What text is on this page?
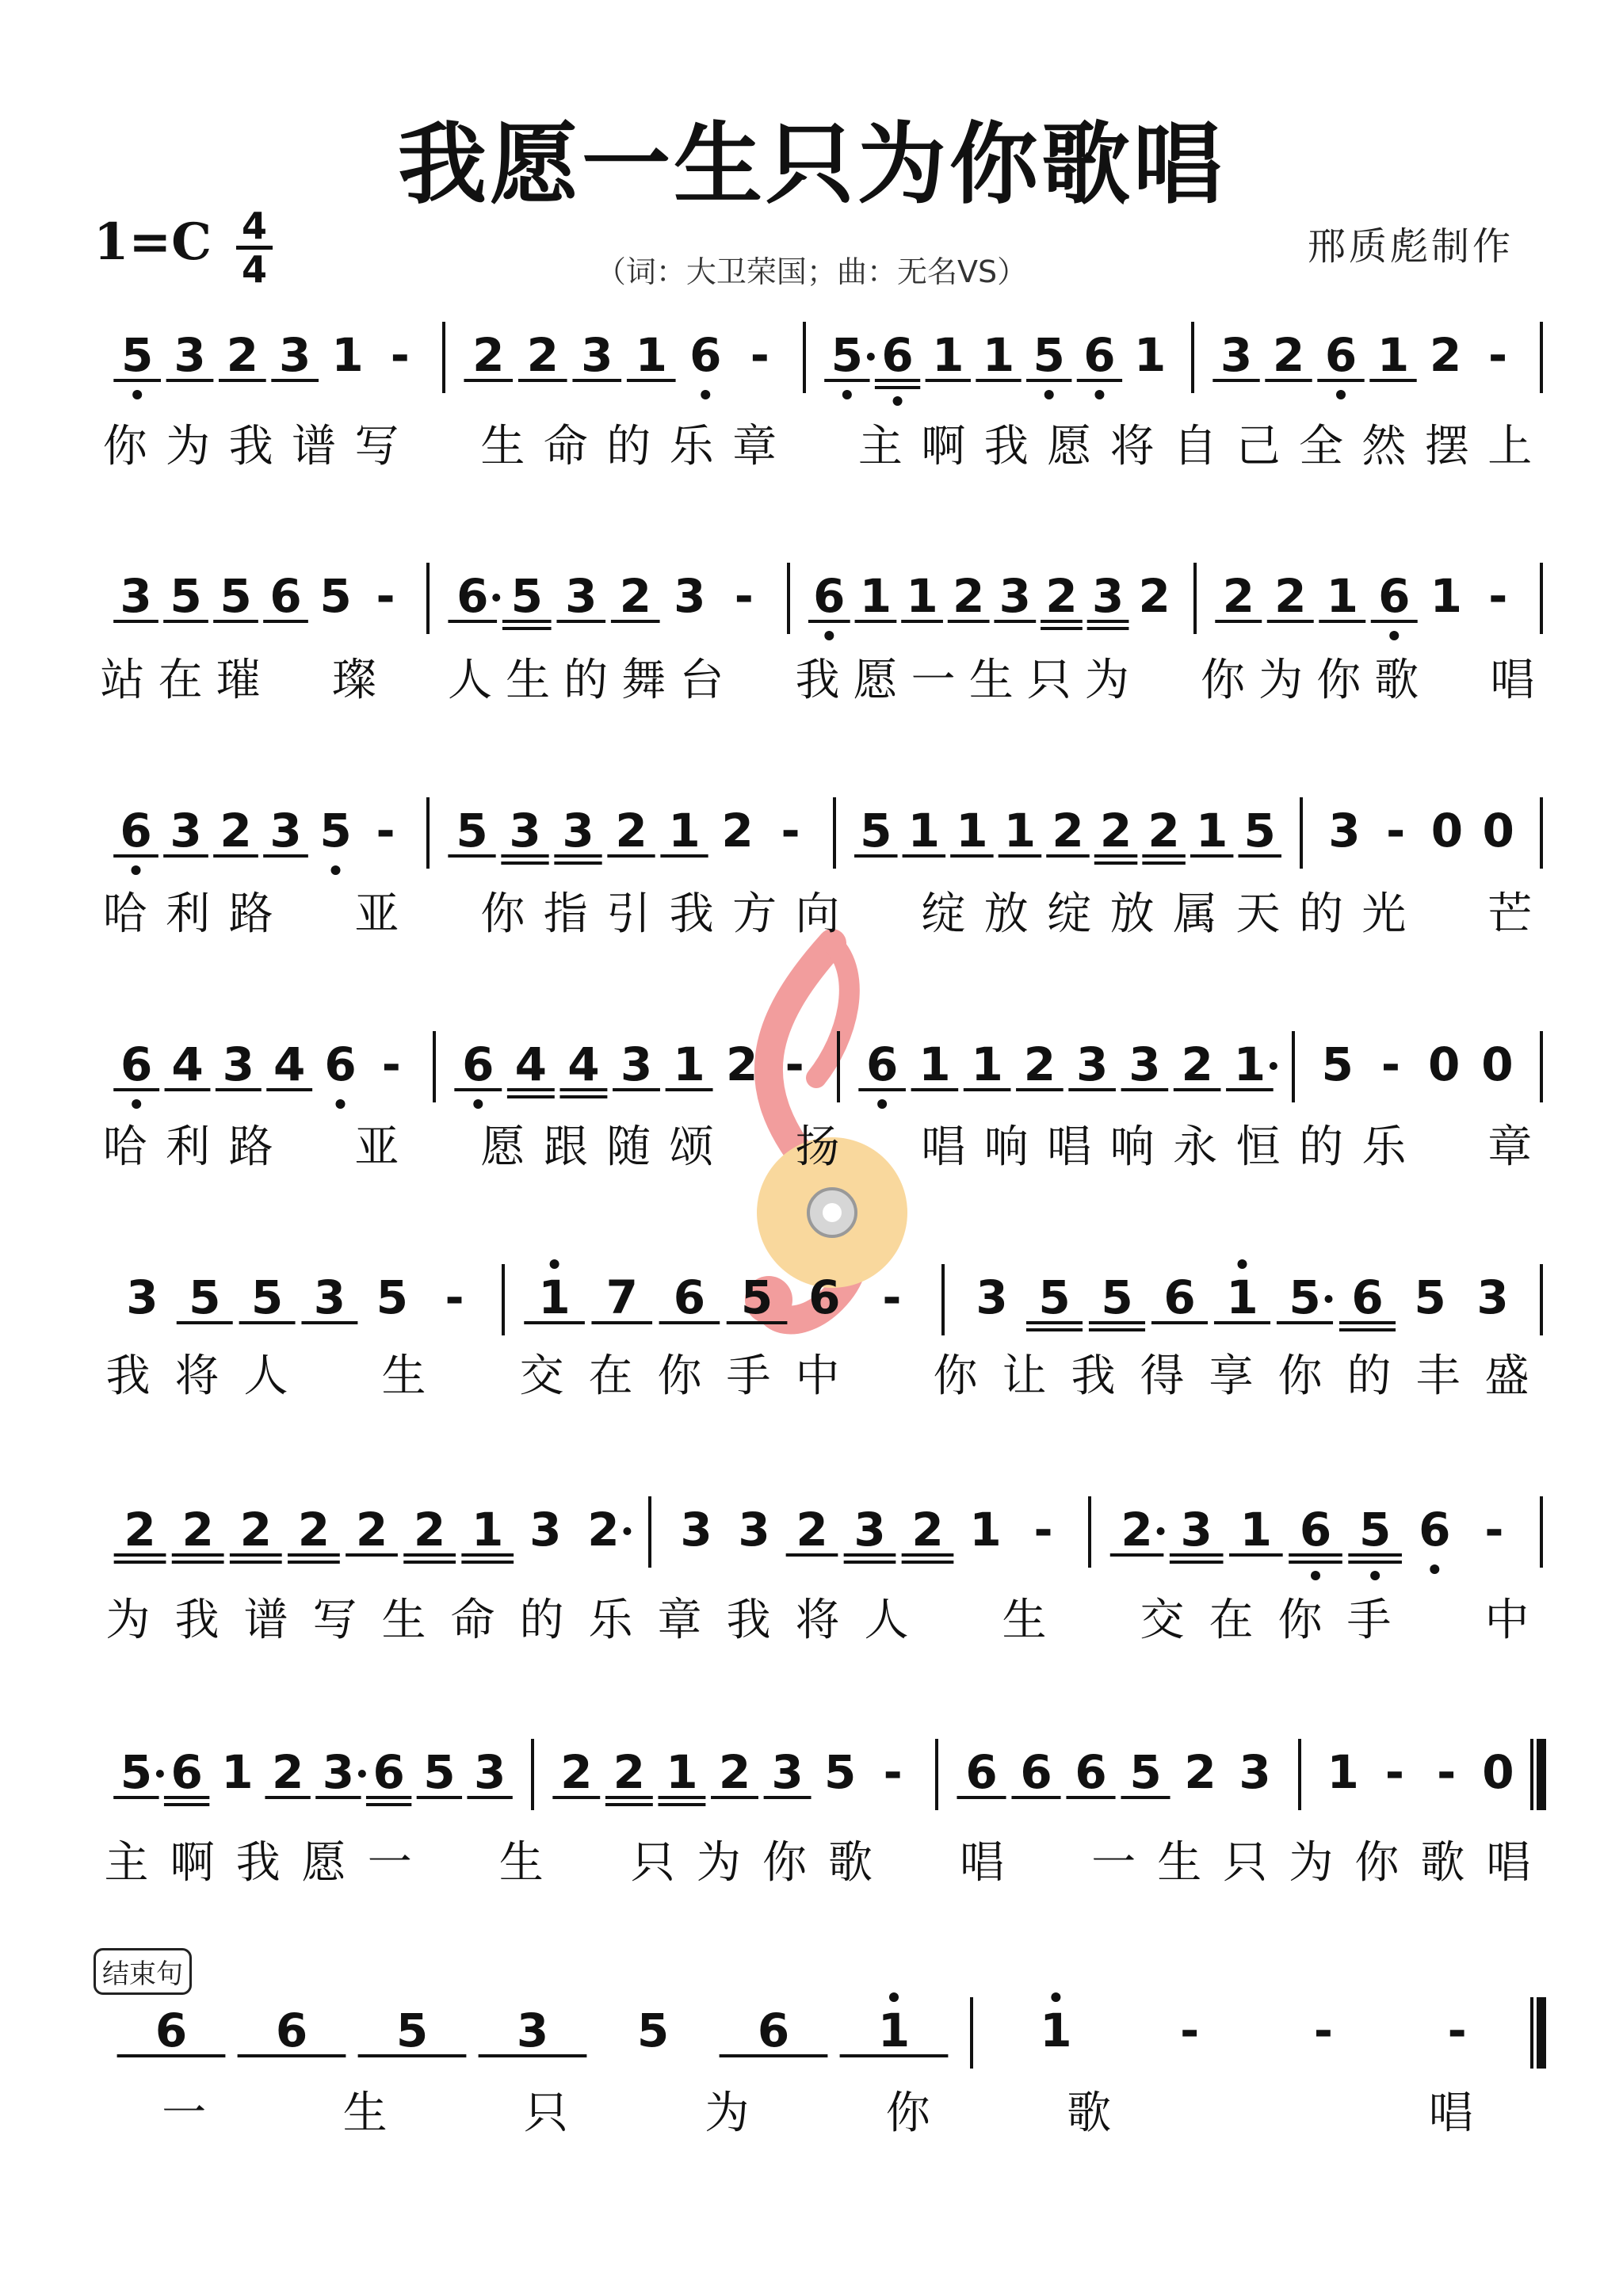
我愿一生只为你歌唱
1=C 4
4	（词：大卫荣国；曲：无名VS）
邢质彪制作
结束句
5 3 2 3 1 - 2 2 3 1 6 - 5 6 1 1 5 6 1 3 2 6 1 2 -
你 为 我 谱 写 生 命 的 乐 章 主 啊 我 愿 将 自 己 全 然 摆 上
3 5 5 6 5 - 6 5 3 2 3 - 6 1 1 2 3 2 3 2 2 2 1 6 1 -
站 在 璀 璨 人 生 的 舞 台 我 愿 一 生 只 为 你 为 你 歌 唱
6 3 2 3 5 - 5 3 3 2 1 2 - 5 1 1 1 2 2 2 1 5 3 - 0 0
哈 利 路 亚 你 指 引 我 方 向 绽 放 绽 放 属 天 的 光 芒
6 4 3 4 6 - 6 4 4 3 1 2 - 6 1 1 2 3 3 2 1 5 - 0 0
哈 利 路 亚 愿 跟 随 颂 扬 唱 响 唱 响 永 恒 的 乐 章
3 5 5 3 5 - 1 7 6 5 6 - 3 5 5 6 1 5 6 5 3
我 将 人 生 交 在 你 手 中 你 让 我 得 享 你 的 丰 盛
2 2 2 2 2 2 1 3 2 3 3 2 3 2 1 - 2 3 1 6 5 6 -
为 我 谱 写 生 命 的 乐 章 我 将 人 生 交 在 你 手 中
5 6 1 2 3 6 5 3 2 2 1 2 3 5 - 6 6 6 5 2 3 1 - - 0
主 啊 我 愿 一 生 只 为 你 歌 唱 一 生 只 为 你 歌 唱
6 6 5 3 5 6 1	1 - - -
一	生	只	为	你	歌	唱
